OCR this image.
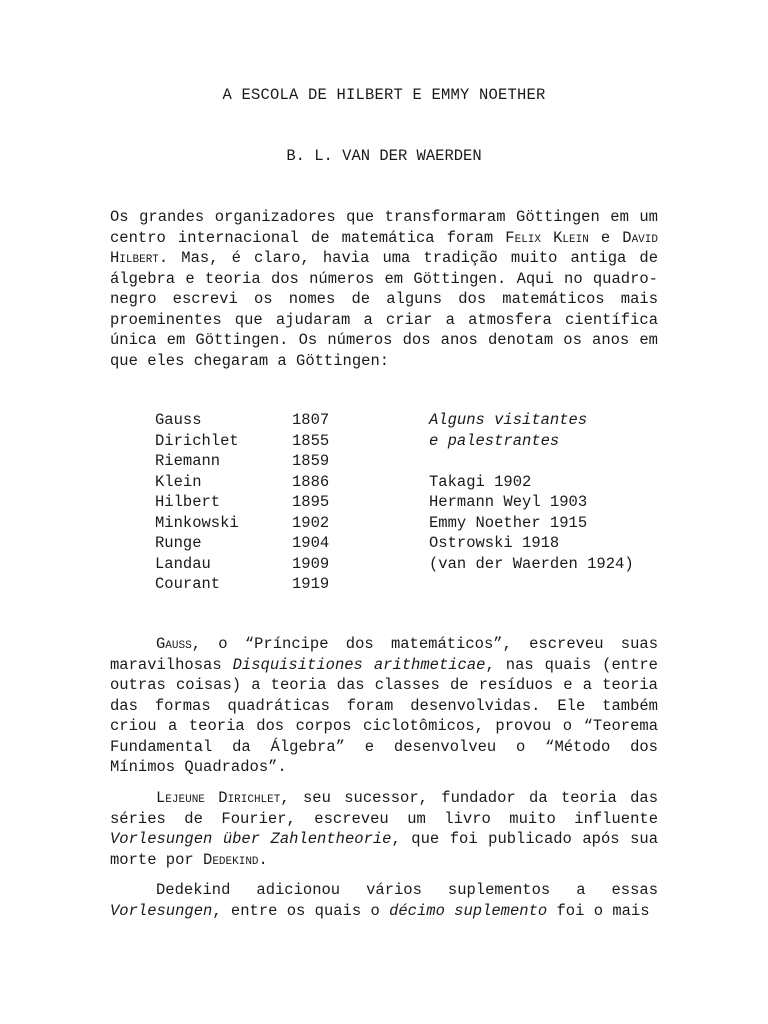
A ESCOLA DE HILBERT E EMMY NOETHER
B. L. VAN DER WAERDEN

Os grandes organizadores que transformaram Göttingen em um centro internacional de matemática foram Felix Klein e David Hilbert. Mas, é claro, havia uma tradição muito antiga de álgebra e teoria dos números em Göttingen. Aqui no quadro-negro escrevi os nomes de alguns dos matemáticos mais proeminentes que ajudaram a criar a atmosfera científica única em Göttingen. Os números dos anos denotam os anos em que eles chegaram a Göttingen:

Gauss	1807	Alguns visitantes
Dirichlet	1855	e palestrantes
Riemann	1859
Klein	1886	Takagi 1902
Hilbert	1895	Hermann Weyl 1903
Minkowski	1902	Emmy Noether 1915
Runge	1904	Ostrowski 1918
Landau	1909	(van der Waerden 1924)
Courant	1919

Gauss, o “Príncipe dos matemáticos”, escreveu suas maravilhosas Disquisitiones arithmeticae, nas quais (entre outras coisas) a teoria das classes de resíduos e a teoria das formas quadráticas foram desenvolvidas. Ele também criou a teoria dos corpos ciclotômicos, provou o “Teorema Fundamental da Álgebra” e desenvolveu o “Método dos Mínimos Quadrados”.

Lejeune Dirichlet, seu sucessor, fundador da teoria das séries de Fourier, escreveu um livro muito influente Vorlesungen über Zahlentheorie, que foi publicado após sua morte por Dedekind.

Dedekind adicionou vários suplementos a essas Vorlesungen, entre os quais o décimo suplemento foi o mais
